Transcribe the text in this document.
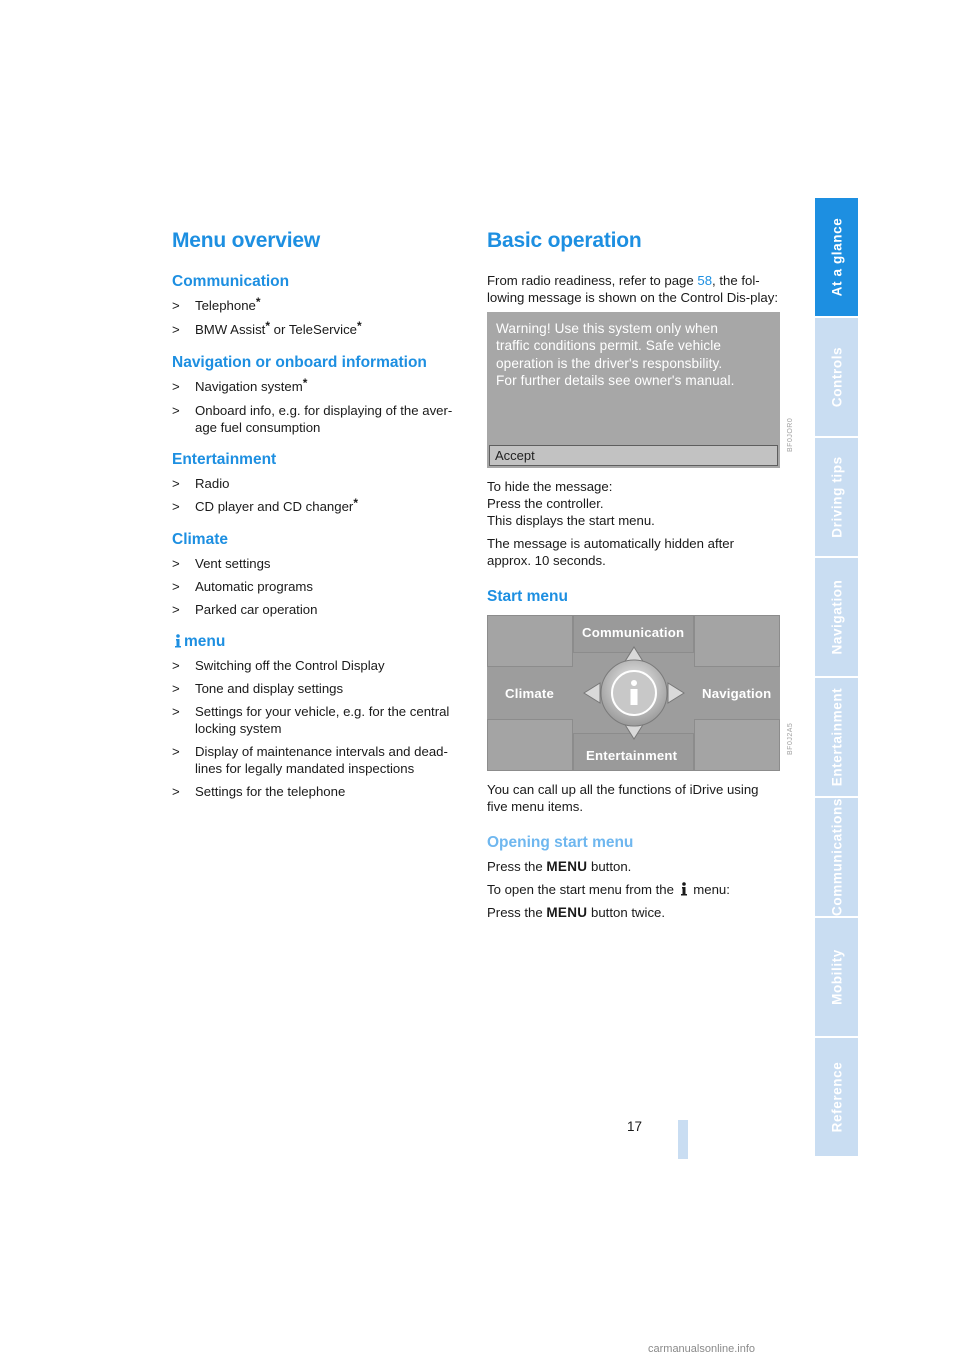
Menu overview
Communication
> Telephone*
> BMW Assist* or TeleService*
Navigation or onboard information
> Navigation system*
> Onboard info, e.g. for displaying of the aver-age fuel consumption
Entertainment
> Radio
> CD player and CD changer*
Climate
> Vent settings
> Automatic programs
> Parked car operation
menu
> Switching off the Control Display
> Tone and display settings
> Settings for your vehicle, e.g. for the central locking system
> Display of maintenance intervals and dead-lines for legally mandated inspections
> Settings for the telephone
Basic operation

From radio readiness, refer to page 58, the fol-lowing message is shown on the Control Dis-play:

Warning! Use this system only when
traffic conditions permit. Safe vehicle
operation is the driver's responsbility.
For further details see owner's manual.
Accept
BF0JOR0

To hide the message:

Press the controller.

This displays the start menu.

The message is automatically hidden after approx. 10 seconds.

Start menu
Communication
Climate	Navigation
Entertainment
BF0J2A5

You can call up all the functions of iDrive using five menu items.

Opening start menu

Press the MENU button.

To open the start menu from the  menu:

Press the MENU button twice.

At a glance
Controls
Driving tips
Navigation
Entertainment
Communications
Mobility
Reference
17
carmanualsonline.info
